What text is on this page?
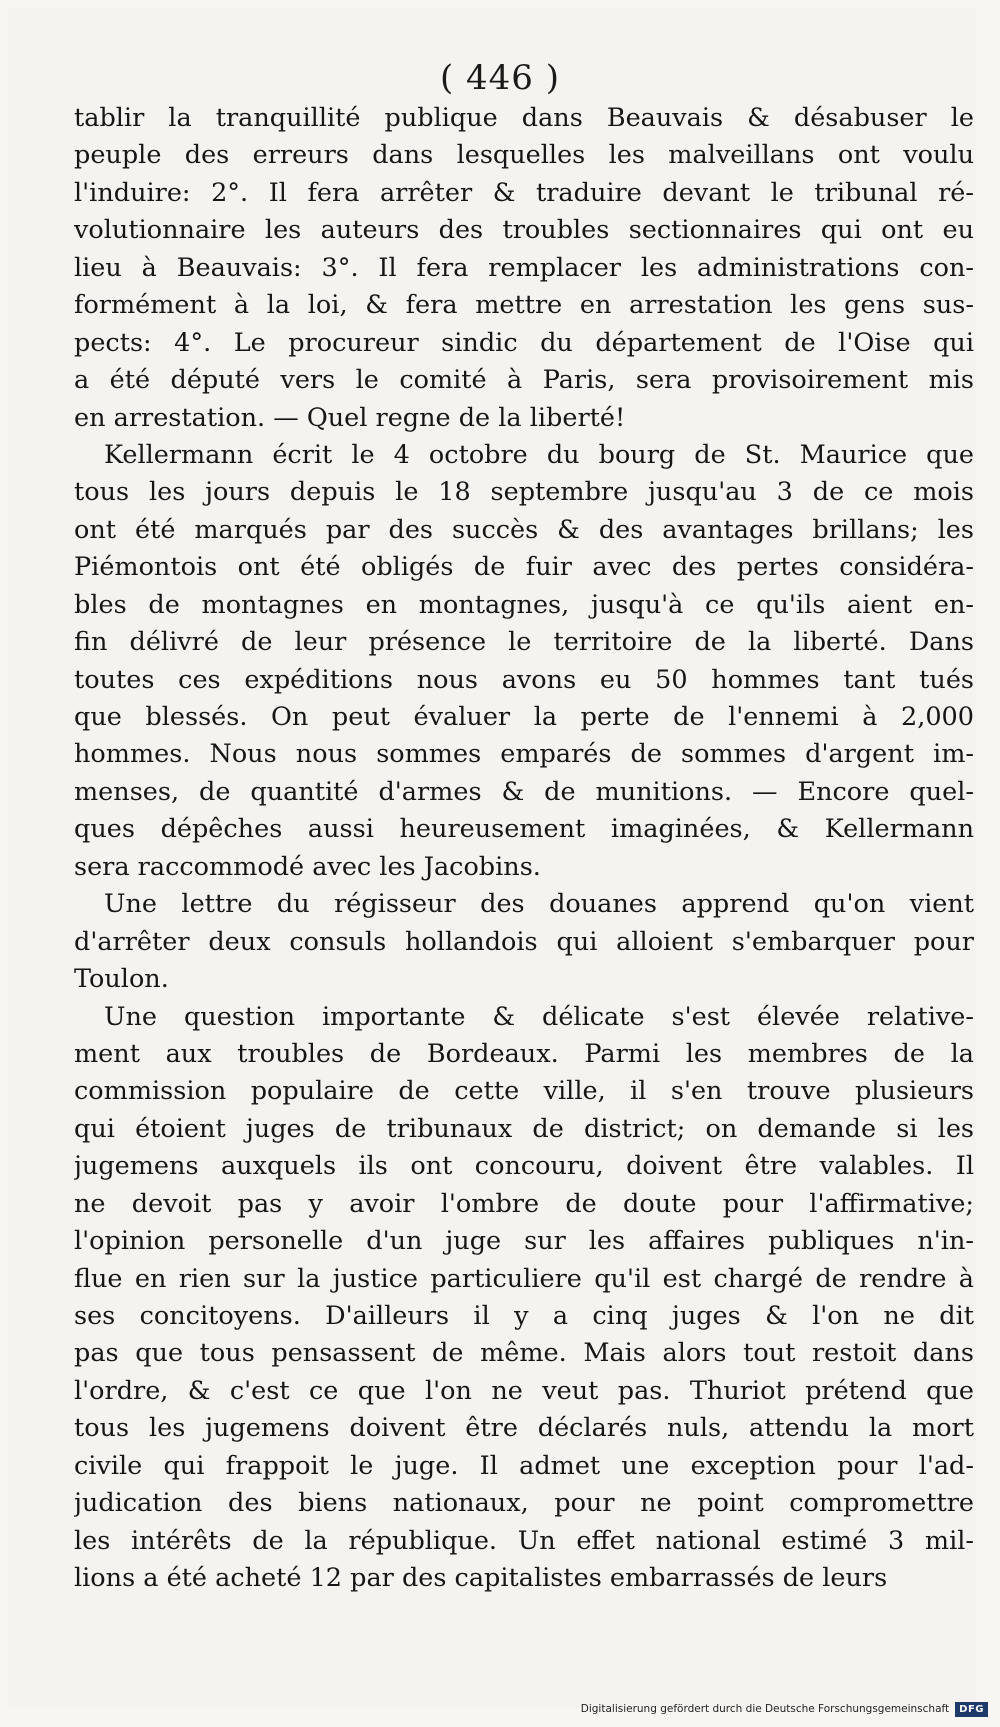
( 446 )
tablir la tranquillité publique dans Beauvais & désabuser le
peuple des erreurs dans lesquelles les malveillans ont voulu
l'induire: 2°. Il fera arrêter & traduire devant le tribunal ré-
volutionnaire les auteurs des troubles sectionnaires qui ont eu
lieu à Beauvais: 3°. Il fera remplacer les administrations con-
formément à la loi, & fera mettre en arrestation les gens sus-
pects: 4°. Le procureur sindic du département de l'Oise qui
a été député vers le comité à Paris, sera provisoirement mis
en arrestation. — Quel regne de la liberté!
Kellermann écrit le 4 octobre du bourg de St. Maurice que
tous les jours depuis le 18 septembre jusqu'au 3 de ce mois
ont été marqués par des succès & des avantages brillans; les
Piémontois ont été obligés de fuir avec des pertes considéra-
bles de montagnes en montagnes, jusqu'à ce qu'ils aient en-
fin délivré de leur présence le territoire de la liberté. Dans
toutes ces expéditions nous avons eu 50 hommes tant tués
que blessés. On peut évaluer la perte de l'ennemi à 2,000
hommes. Nous nous sommes emparés de sommes d'argent im-
menses, de quantité d'armes & de munitions. — Encore quel-
ques dépêches aussi heureusement imaginées, & Kellermann
sera raccommodé avec les Jacobins.
Une lettre du régisseur des douanes apprend qu'on vient
d'arrêter deux consuls hollandois qui alloient s'embarquer pour
Toulon.
Une question importante & délicate s'est élevée relative-
ment aux troubles de Bordeaux. Parmi les membres de la
commission populaire de cette ville, il s'en trouve plusieurs
qui étoient juges de tribunaux de district; on demande si les
jugemens auxquels ils ont concouru, doivent être valables. Il
ne devoit pas y avoir l'ombre de doute pour l'affirmative;
l'opinion personelle d'un juge sur les affaires publiques n'in-
flue en rien sur la justice particuliere qu'il est chargé de rendre à
ses concitoyens. D'ailleurs il y a cinq juges & l'on ne dit
pas que tous pensassent de même. Mais alors tout restoit dans
l'ordre, & c'est ce que l'on ne veut pas. Thuriot prétend que
tous les jugemens doivent être déclarés nuls, attendu la mort
civile qui frappoit le juge. Il admet une exception pour l'ad-
judication des biens nationaux, pour ne point compromettre
les intérêts de la république. Un effet national estimé 3 mil-
lions a été acheté 12 par des capitalistes embarrassés de leurs
Digitalisierung gefördert durch die Deutsche Forschungsgemeinschaft	DFG
